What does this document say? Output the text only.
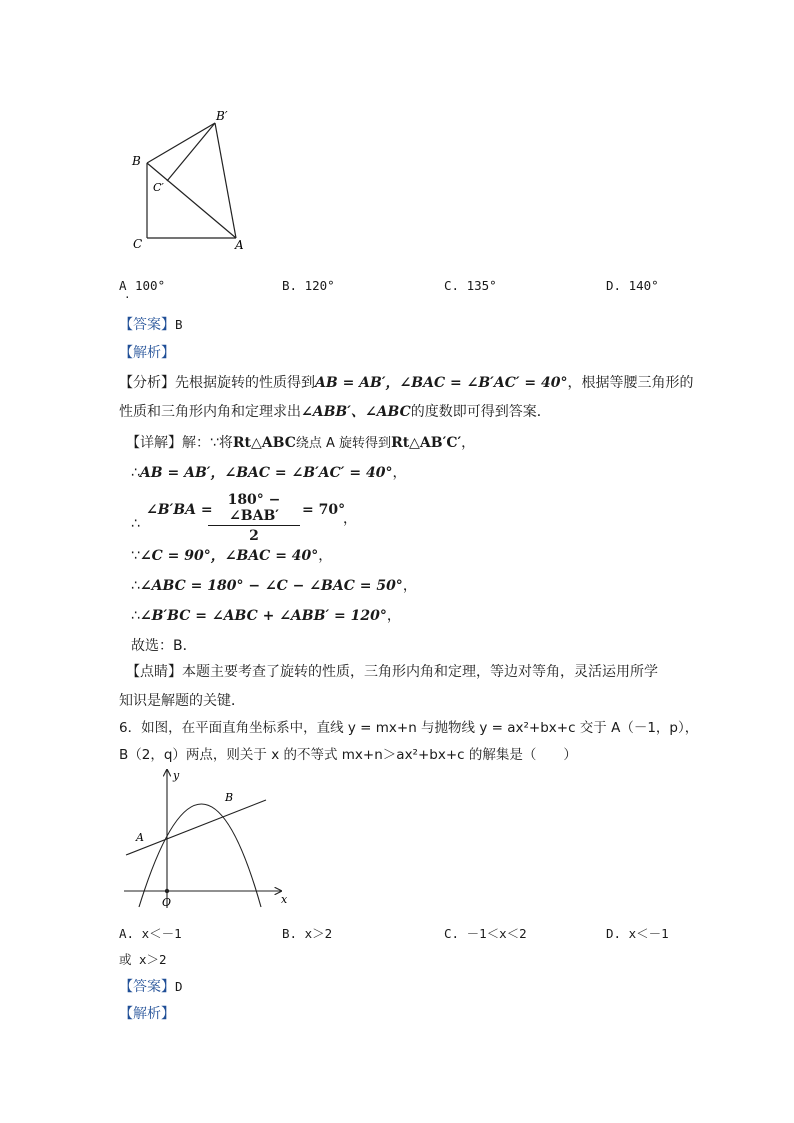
B′
B
C′
C	A
A 100°
.
B. 120°	C. 135°	D. 140°
【答案】B
【解析】
【分析】先根据旋转的性质得到AB = AB′，∠BAC = ∠B′AC′ = 40°，根据等腰三角形的
性质和三角形内角和定理求出∠ABB′、∠ABC的度数即可得到答案．
【详解】解：∵将Rt△ABC绕点 A 旋转得到Rt△AB′C′，
∴AB = AB′，∠BAC = ∠B′AC′ = 40°，
∴
∠B′BA =
180° − ∠BAB′
2
= 70°
，
∵∠C = 90°，∠BAC = 40°，
∴∠ABC = 180° − ∠C − ∠BAC = 50°，
∴∠B′BC = ∠ABC + ∠ABB′ = 120°，
故选：B．
【点睛】本题主要考查了旋转的性质，三角形内角和定理，等边对等角，灵活运用所学
知识是解题的关键．
6．如图，在平面直角坐标系中，直线 y = mx+n 与抛物线 y = ax²+bx+c 交于 A（－1，p），
B（2，q）两点，则关于 x 的不等式 mx+n＞ax²+bx+c 的解集是（　　）
y
x
O
A
B
A. x＜－1	B. x＞2	C. －1＜x＜2	D. x＜－1
或 x＞2
【答案】D
【解析】
